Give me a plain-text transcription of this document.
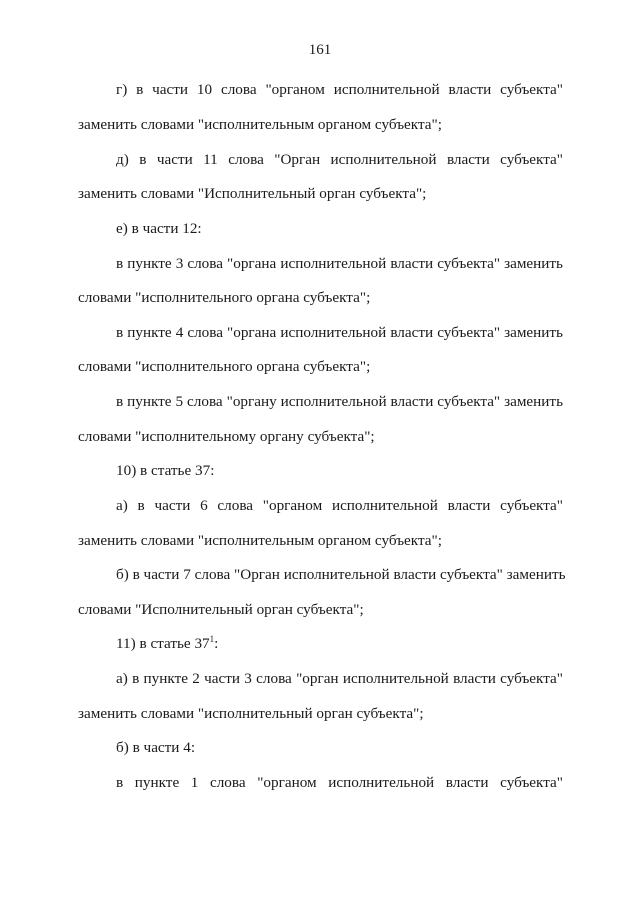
161
г) в части 10 слова "органом исполнительной власти субъекта"
заменить словами "исполнительным органом субъекта";
д) в части 11 слова "Орган исполнительной власти субъекта"
заменить словами "Исполнительный орган субъекта";
е) в части 12:
в пункте 3 слова "органа исполнительной власти субъекта" заменить
словами "исполнительного органа субъекта";
в пункте 4 слова "органа исполнительной власти субъекта" заменить
словами "исполнительного органа субъекта";
в пункте 5 слова "органу исполнительной власти субъекта" заменить
словами "исполнительному органу субъекта";
10) в статье 37:
а) в части 6 слова "органом исполнительной власти субъекта"
заменить словами "исполнительным органом субъекта";
б) в части 7 слова "Орган исполнительной власти субъекта" заменить
словами "Исполнительный орган субъекта";
11) в статье $37^1$:
а) в пункте 2 части 3 слова "орган исполнительной власти субъекта"
заменить словами "исполнительный орган субъекта";
б) в части 4:
в пункте 1 слова "органом исполнительной власти субъекта"
